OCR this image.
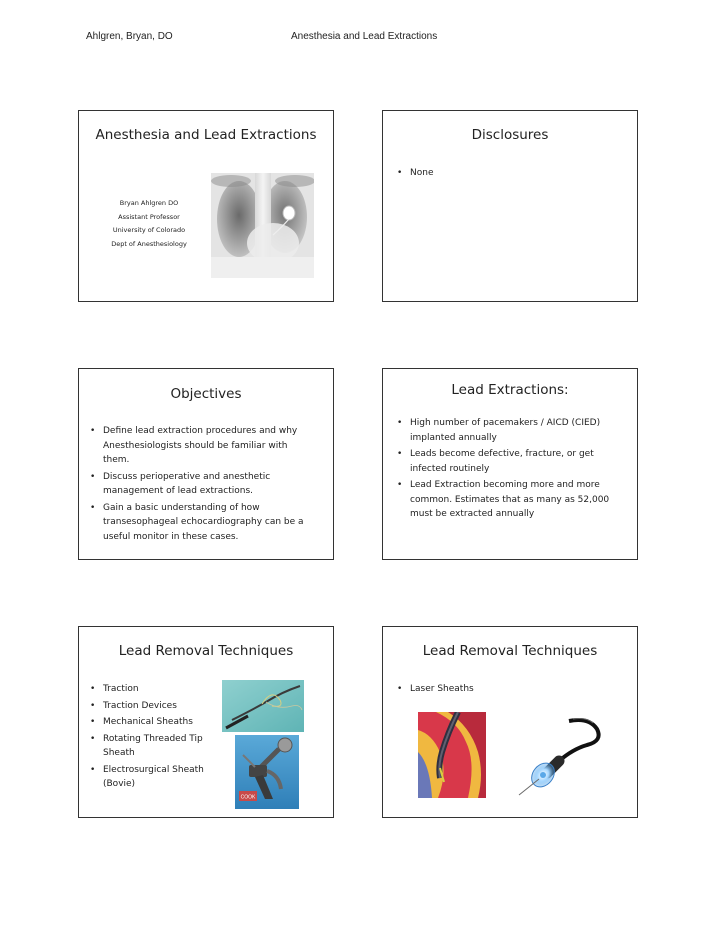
Ahlgren, Bryan, DO	Anesthesia and Lead Extractions
Anesthesia and Lead Extractions
Bryan Ahlgren DO
Assistant Professor
University of Colorado
Dept of Anesthesiology
Disclosures
• None
Objectives
• Define lead extraction procedures and why Anesthesiologists should be familiar with them.
• Discuss perioperative and anesthetic management of lead extractions.
• Gain a basic understanding of how transesophageal echocardiography can be a useful monitor in these cases.
Lead Extractions:
• High number of pacemakers / AICD (CIED) implanted annually
• Leads become defective, fracture, or get infected routinely
• Lead Extraction becoming more and more common. Estimates that as many as 52,000 must be extracted annually
Lead Removal Techniques
• Traction
• Traction Devices
• Mechanical Sheaths
• Rotating Threaded Tip Sheath
• Electrosurgical Sheath (Bovie)
COOK
Lead Removal Techniques
• Laser Sheaths
